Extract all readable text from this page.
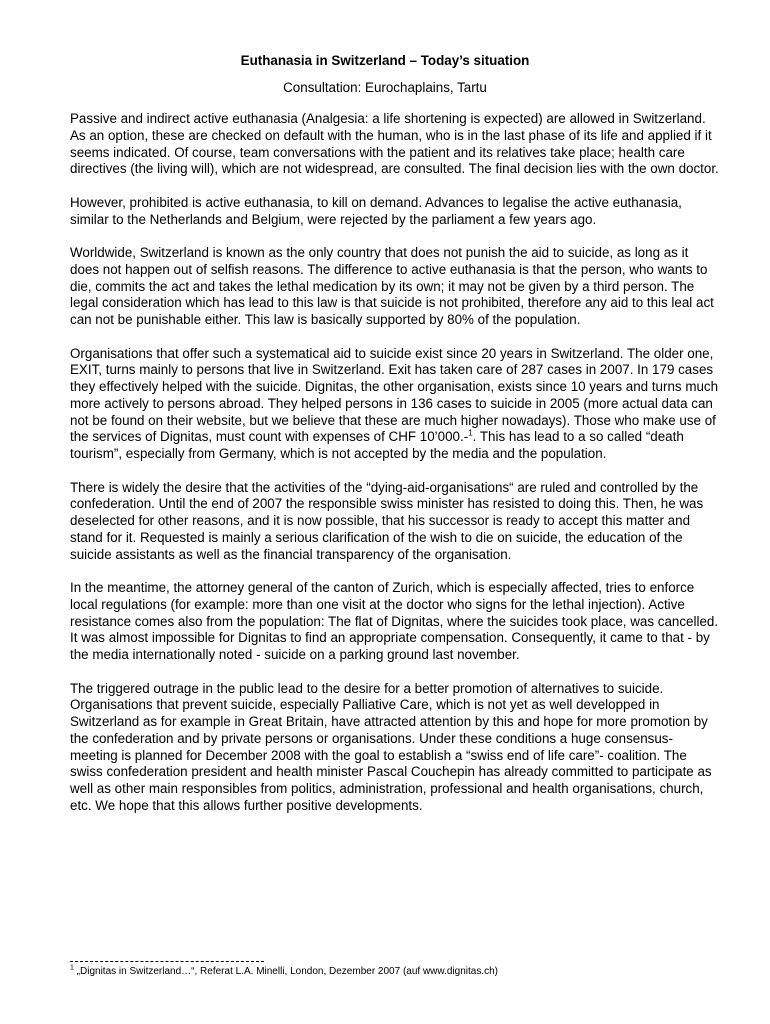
Euthanasia in Switzerland – Today’s situation
Consultation: Eurochaplains, Tartu

Passive and indirect active euthanasia (Analgesia: a life shortening is expected) are allowed in Switzerland. As an option, these are checked on default with the human, who is in the last phase of its life and applied if it seems indicated. Of course, team conversations with the patient and its relatives take place; health care directives (the living will), which are not widespread, are consulted. The final decision lies with the own doctor.

However, prohibited is active euthanasia, to kill on demand. Advances to legalise the active euthanasia, similar to the Netherlands and Belgium, were rejected by the parliament a few years ago.

Worldwide, Switzerland is known as the only country that does not punish the aid to suicide, as long as it does not happen out of selfish reasons. The difference to active euthanasia is that the person, who wants to die, commits the act and takes the lethal medication by its own; it may not be given by a third person. The legal consideration which has lead to this law is that suicide is not prohibited, therefore any aid to this leal act can not be punishable either. This law is basically supported by 80% of the population.

Organisations that offer such a systematical aid to suicide exist since 20 years in Switzerland. The older one, EXIT, turns mainly to persons that live in Switzerland. Exit has taken care of 287 cases in 2007. In 179 cases they effectively helped with the suicide. Dignitas, the other organisation, exists since 10 years and turns much more actively to persons abroad. They helped persons in 136 cases to suicide in 2005 (more actual data can not be found on their website, but we believe that these are much higher nowadays). Those who make use of the services of Dignitas, must count with expenses of CHF 10’000.-$^1$. This has lead to a so called “death tourism”, especially from Germany, which is not accepted by the media and the population.

There is widely the desire that the activities of the “dying-aid-organisations“ are ruled and controlled by the confederation. Until the end of 2007 the responsible swiss minister has resisted to doing this. Then, he was deselected for other reasons, and it is now possible, that his successor is ready to accept this matter and stand for it. Requested is mainly a serious clarification of the wish to die on suicide, the education of the suicide assistants as well as the financial transparency of the organisation.

In the meantime, the attorney general of the canton of Zurich, which is especially affected, tries to enforce local regulations (for example: more than one visit at the doctor who signs for the lethal injection). Active resistance comes also from the population: The flat of Dignitas, where the suicides took place, was cancelled. It was almost impossible for Dignitas to find an appropriate compensation. Consequently, it came to that - by the media internationally noted - suicide on a parking ground last november.

The triggered outrage in the public lead to the desire for a better promotion of alternatives to suicide. Organisations that prevent suicide, especially Palliative Care, which is not yet as well developped in Switzerland as for example in Great Britain, have attracted attention by this and hope for more promotion by the confederation and by private persons or organisations. Under these conditions a huge consensus-meeting is planned for December 2008 with the goal to establish a “swiss end of life care”- coalition. The swiss confederation president and health minister Pascal Couchepin has already committed to participate as well as other main responsibles from politics, administration, professional and health organisations, church, etc. We hope that this allows further positive developments.

$^1$ „Dignitas in Switzerland…“, Referat L.A. Minelli, London, Dezember 2007 (auf www.dignitas.ch)
